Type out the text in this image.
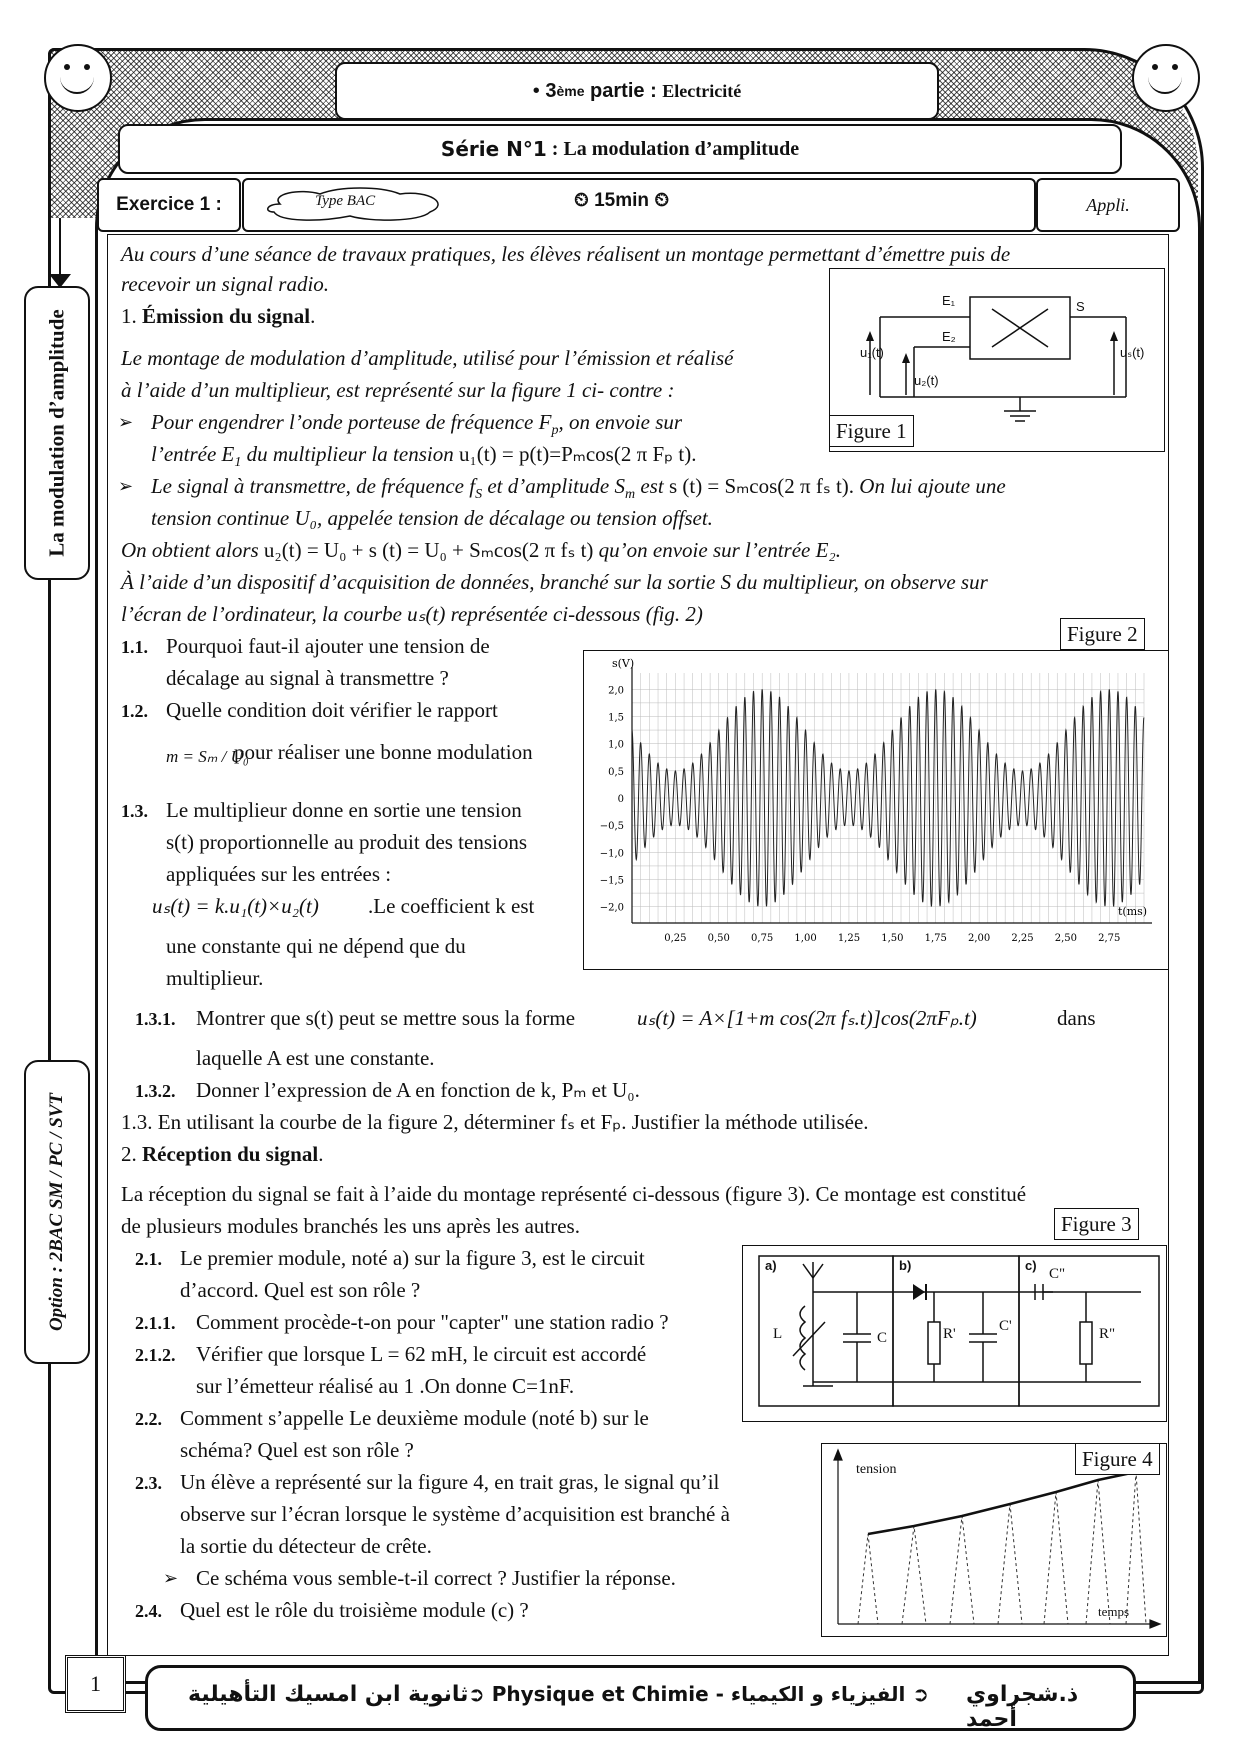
•
3 ème
partie :
Electricité
Série N°1
:
La modulation d’amplitude
Exercice 1 :	Type BAC	⏲ 15min ⏲	Appli.
La modulation d’amplitude
Option : 2BAC SM / PC / SVT
Au cours d’une séance de travaux pratiques, les élèves réalisent un montage permettant d’émettre puis de
recevoir un signal radio.
1. Émission du signal.
Le montage de modulation d’amplitude, utilisé pour l’émission et réalisé
à l’aide d’un multiplieur, est représenté sur la figure 1 ci- contre :
➢ Pour engendrer l’onde porteuse de fréquence $F_p$, on envoie sur
l’entrée $E_1$ du multiplieur la tension u₁(t) = p(t)=Pₘcos(2 π Fₚ t).
➢ Le signal à transmettre, de fréquence $f_S$ et d’amplitude $S_m$ est s (t) = Sₘcos(2 π fₛ t). On lui ajoute une
tension continue U₀, appelée tension de décalage ou tension offset.
On obtient alors u₂(t) = U₀ + s (t) = U₀ + Sₘcos(2 π fₛ t) qu’on envoie sur l’entrée E₂.
À l’aide d’un dispositif d’acquisition de données, branché sur la sortie S du multiplieur, on observe sur
l’écran de l’ordinateur, la courbe uₛ(t) représentée ci-dessous (fig. 2)
1.1. Pourquoi faut-il ajouter une tension de
décalage au signal à transmettre ?
1.2. Quelle condition doit vérifier le rapport
m = Sₘ / U₀
pour réaliser une bonne modulation
1.3. Le multiplieur donne en sortie une tension
s(t) proportionnelle au produit des tensions
appliquées sur les entrées :
uₛ(t) = k.u₁(t)×u₂(t) .Le coefficient k est
une constante qui ne dépend que du
multiplieur.
1.3.1. Montrer que s(t) peut se mettre sous la forme	uₛ(t) = A×[1+m cos(2π fₛ.t)]cos(2πFₚ.t)	dans
laquelle A est une constante.
1.3.2. Donner l’expression de A en fonction de k, Pₘ et U₀.
1.3. En utilisant la courbe de la figure 2, déterminer fₛ et Fₚ. Justifier la méthode utilisée.
2. Réception du signal.
La réception du signal se fait à l’aide du montage représenté ci-dessous (figure 3). Ce montage est constitué
de plusieurs modules branchés les uns après les autres.
2.1. Le premier module, noté a) sur la figure 3, est le circuit
d’accord. Quel est son rôle ?
2.1.1. Comment procède-t-on pour "capter" une station radio ?
2.1.2. Vérifier que lorsque L = 62 mH, le circuit est accordé
sur l’émetteur réalisé au 1 .On donne C=1nF.
2.2. Comment s’appelle Le deuxième module (noté b) sur le
schéma? Quel est son rôle ?
2.3. Un élève a représenté sur la figure 4, en trait gras, le signal qu’il
observe sur l’écran lorsque le système d’acquisition est branché à
la sortie du détecteur de crête.
➢ Ce schéma vous semble-t-il correct ? Justifier la réponse.
2.4. Quel est le rôle du troisième module (c) ?
E₁
E₂
S
u₁(t)
u₂(t)
uₛ(t)
Figure 1
2,0
1,5
1,0
0,5
0
−0,5
−1,0
−1,5
−2,0
0,25 0,50 0,75 1,00 1,25 1,50 1,75 2,00 2,25 2,50 2,75
s(V)
t(ms)
Figure 2
a)	b)	c)
L	C	R'	C'
C"
R"
Figure 3
tension
temps
Figure 4
1	ثانوية ابن امسيك التأهيلية ➲ Physique et Chimie - الفيزياء و الكيمياء ➲ ذ.شجراوي أحمد
